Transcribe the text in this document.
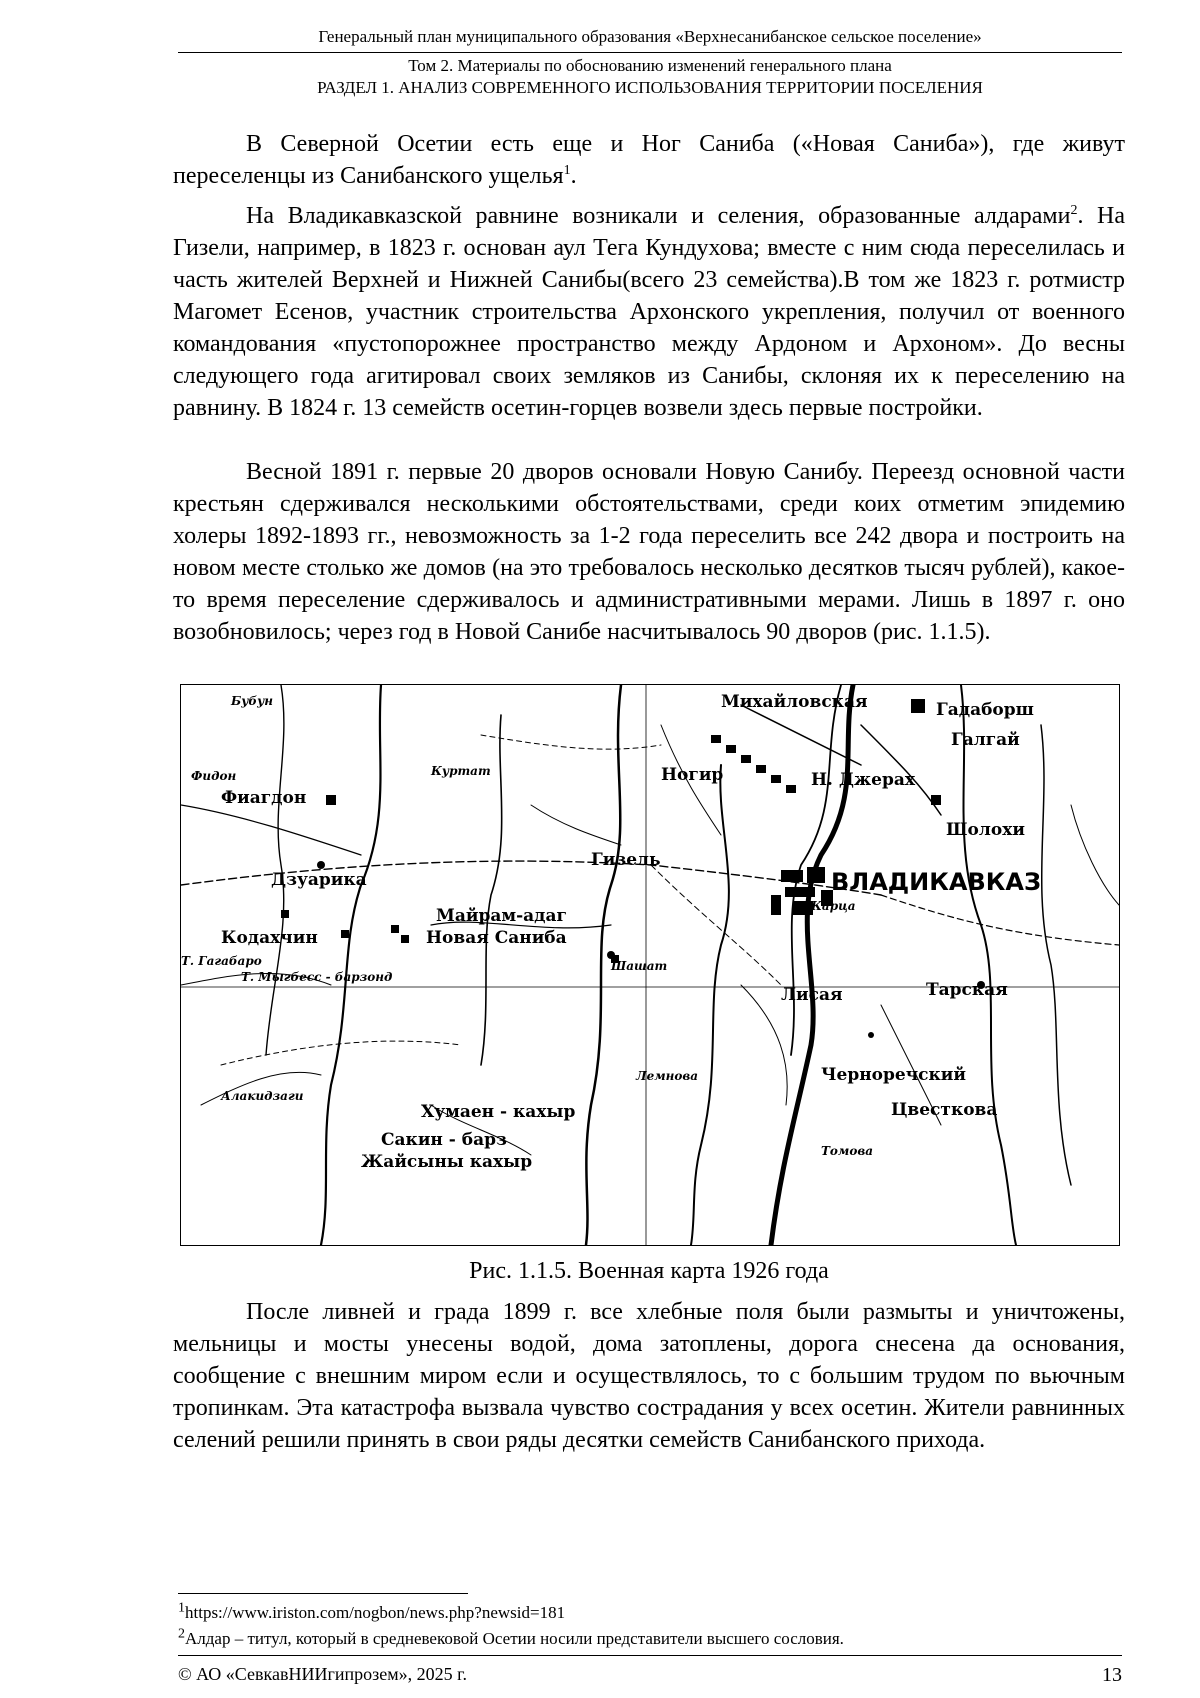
Генеральный план муниципального образования «Верхнесанибанское сельское поселение»
Том 2. Материалы по обоснованию изменений генерального плана
РАЗДЕЛ 1. АНАЛИЗ СОВРЕМЕННОГО ИСПОЛЬЗОВАНИЯ ТЕРРИТОРИИ ПОСЕЛЕНИЯ

В Северной Осетии есть еще и Ног Санибa («Новая Саниба»), где живут переселенцы из Санибанского ущелья$^1$.

На Владикавказской равнине возникали и селения, образованные алдарами$^2$. На Гизели, например, в 1823 г. основан аул Тега Кундухова; вместе с ним сюда переселилась и часть жителей Верхней и Нижней Санибы(всего 23 семейства).В том же 1823 г. ротмистр Магомет Есенов, участник строительства Архонского укрепления, получил от военного командования «пустопорожнее пространство между Ардоном и Архоном». До весны следующего года агитировал своих земляков из Санибы, склоняя их к переселению на равнину. В 1824 г. 13 семейств осетин-горцев возвели здесь первые постройки.

Весной 1891 г. первые 20 дворов основали Новую Санибу. Переезд основной части крестьян сдерживался несколькими обстоятельствами, среди коих отметим эпидемию холеры 1892-1893 гг., невозможность за 1-2 года переселить все 242 двора и построить на новом месте столько же домов (на это требовалось несколько десятков тысяч рублей), какое-то время переселение сдерживалось и административными мерами. Лишь в 1897 г. оно возобновилось; через год в Новой Санибе насчитывалось 90 дворов (рис. 1.1.5).

ВЛАДИКАВКАЗ
Гизель
Ногир
Михайловская	Гадаборш
Галгай
Н. Джерах
Шолохи
Фиагдон
Дзуарика
Кодахчин
Майрам-адаг
Новая Саниба
Лисая	Тарская
Черноречский
Томова
Цвесткова
Сакин - барз
Жайсыны кахыр
Хумаен - кахыр
Куртат
Фидон
Бубун
Карца
Т. Гагабаро
Т. Мыгбесс - барзонд
Лемнова
Шашат
Алакидзаги
Рис. 1.1.5. Военная карта 1926 года

После ливней и града 1899 г. все хлебные поля были размыты и уничтожены, мельницы и мосты унесены водой, дома затоплены, дорога снесена да основания, сообщение с внешним миром если и осуществлялось, то с большим трудом по вьючным тропинкам. Эта катастрофа вызвала чувство сострадания у всех осетин. Жители равнинных селений решили принять в свои ряды десятки семейств Санибанского прихода.

$^1$https://www.iriston.com/nogbon/news.php?newsid=181
$^2$Алдар – титул, который в средневековой Осетии носили представители высшего сословия.
© АО «СевкавНИИгипрозем», 2025 г.	13
